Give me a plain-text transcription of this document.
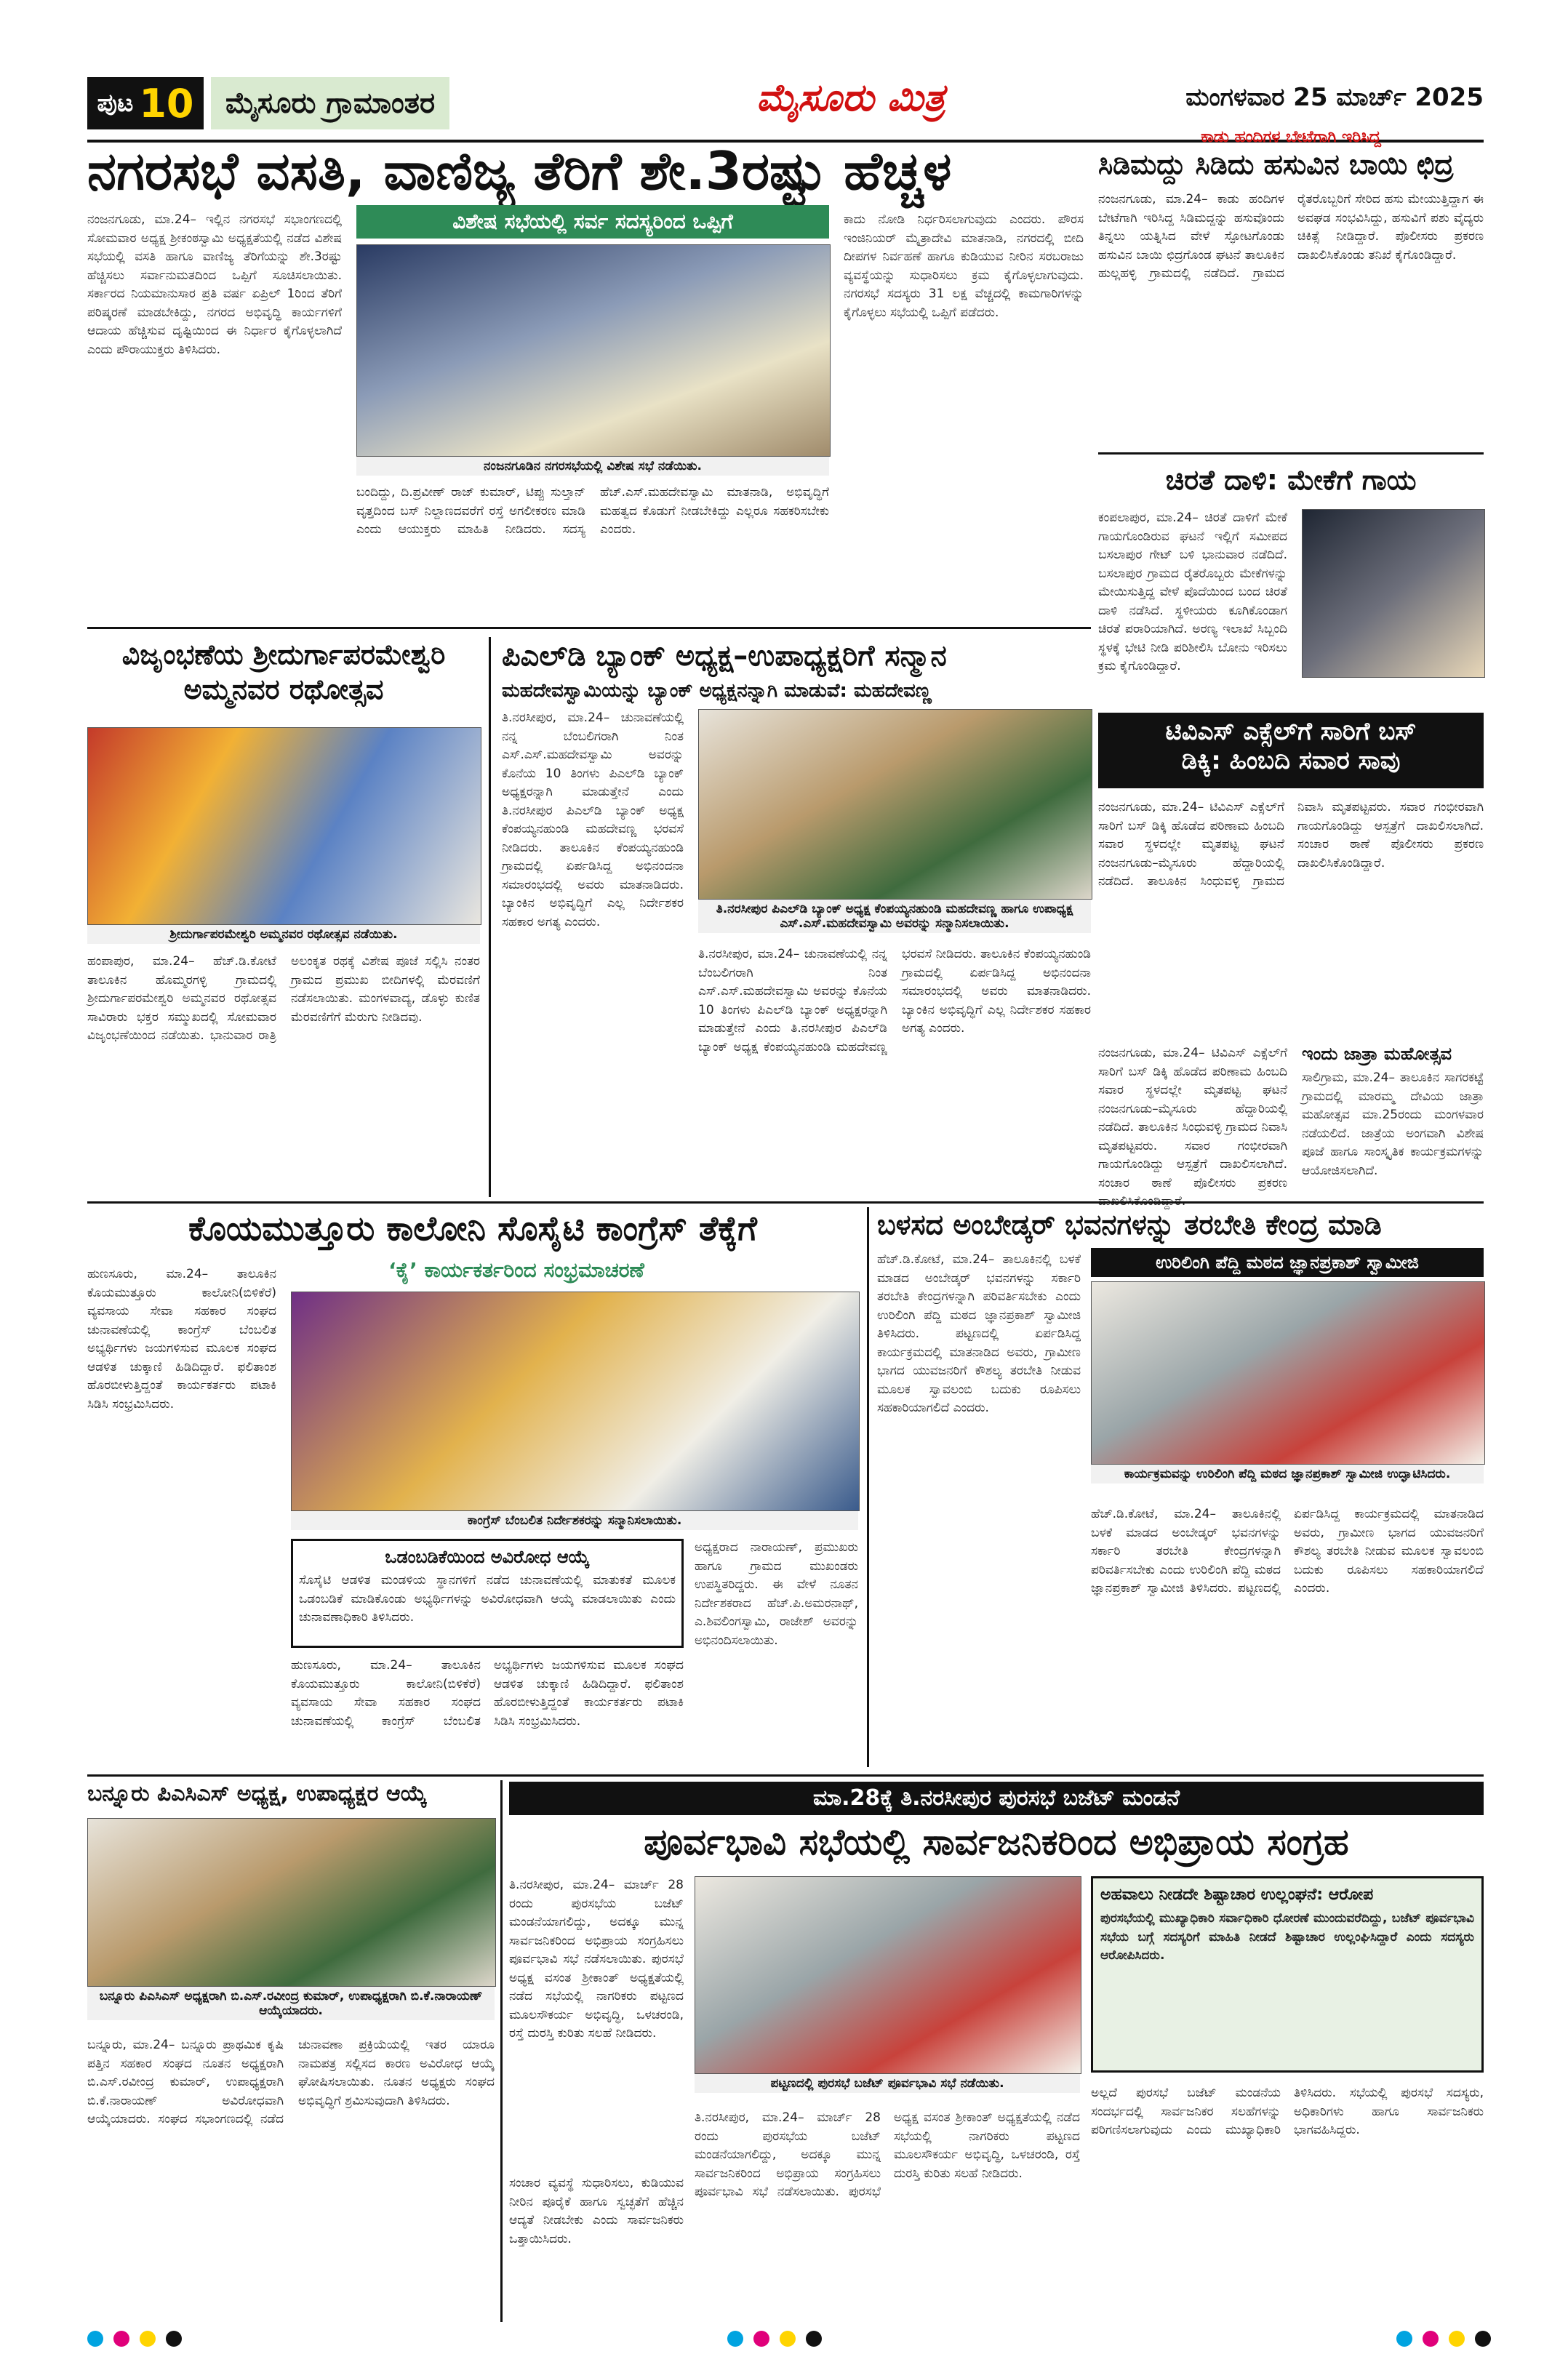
ಪುಟ 10	ಮೈಸೂರು ಗ್ರಾಮಾಂತರ	ಮೈಸೂರು ಮಿತ್ರ	ಮಂಗಳವಾರ 25 ಮಾರ್ಚ್ 2025
ನಗರಸಭೆ ವಸತಿ, ವಾಣಿಜ್ಯ ತೆರಿಗೆ ಶೇ.3ರಷ್ಟು ಹೆಚ್ಚಳ
ವಿಶೇಷ ಸಭೆಯಲ್ಲಿ ಸರ್ವ ಸದಸ್ಯರಿಂದ ಒಪ್ಪಿಗೆ
ನಂಜನಗೂಡು, ಮಾ.24– ಇಲ್ಲಿನ ನಗರಸಭೆ ಸಭಾಂಗಣದಲ್ಲಿ ಸೋಮವಾರ ಅಧ್ಯಕ್ಷ ಶ್ರೀಕಂಠಸ್ವಾಮಿ ಅಧ್ಯಕ್ಷತೆಯಲ್ಲಿ ನಡೆದ ವಿಶೇಷ ಸಭೆಯಲ್ಲಿ ವಸತಿ ಹಾಗೂ ವಾಣಿಜ್ಯ ತೆರಿಗೆಯನ್ನು ಶೇ.3ರಷ್ಟು ಹೆಚ್ಚಿಸಲು ಸರ್ವಾನುಮತದಿಂದ ಒಪ್ಪಿಗೆ ಸೂಚಿಸಲಾಯಿತು. ಸರ್ಕಾರದ ನಿಯಮಾನುಸಾರ ಪ್ರತಿ ವರ್ಷ ಏಪ್ರಿಲ್ 1ರಿಂದ ತೆರಿಗೆ ಪರಿಷ್ಕರಣೆ ಮಾಡಬೇಕಿದ್ದು, ನಗರದ ಅಭಿವೃದ್ಧಿ ಕಾರ್ಯಗಳಿಗೆ ಆದಾಯ ಹೆಚ್ಚಿಸುವ ದೃಷ್ಟಿಯಿಂದ ಈ ನಿರ್ಧಾರ ಕೈಗೊಳ್ಳಲಾಗಿದೆ ಎಂದು ಪೌರಾಯುಕ್ತರು ತಿಳಿಸಿದರು.
ನಂಜನಗೂಡಿನ ನಗರಸಭೆಯಲ್ಲಿ ವಿಶೇಷ ಸಭೆ ನಡೆಯಿತು.
ಬಂದಿದ್ದು, ದಿ.ಪ್ರವೀಣ್ ರಾಜ್ ಕುಮಾರ್, ಟಿಪ್ಪು ಸುಲ್ತಾನ್ ವೃತ್ತದಿಂದ ಬಸ್ ನಿಲ್ದಾಣದವರೆಗೆ ರಸ್ತೆ ಅಗಲೀಕರಣ ಮಾಡಿ ಎಂದು ಆಯುಕ್ತರು ಮಾಹಿತಿ ನೀಡಿದರು. ಸದಸ್ಯ ಹೆಚ್.ಎಸ್.ಮಹದೇವಸ್ವಾಮಿ ಮಾತನಾಡಿ, ಅಭಿವೃದ್ಧಿಗೆ ಮಹತ್ವದ ಕೊಡುಗೆ ನೀಡಬೇಕಿದ್ದು ಎಲ್ಲರೂ ಸಹಕರಿಸಬೇಕು ಎಂದರು.
ಕಾದು ನೋಡಿ ನಿರ್ಧರಿಸಲಾಗುವುದು ಎಂದರು. ಪೌರಸ ಇಂಜಿನಿಯರ್ ಮೈತ್ರಾದೇವಿ ಮಾತನಾಡಿ, ನಗರದಲ್ಲಿ ಬೀದಿ ದೀಪಗಳ ನಿರ್ವಹಣೆ ಹಾಗೂ ಕುಡಿಯುವ ನೀರಿನ ಸರಬರಾಜು ವ್ಯವಸ್ಥೆಯನ್ನು ಸುಧಾರಿಸಲು ಕ್ರಮ ಕೈಗೊಳ್ಳಲಾಗುವುದು. ನಗರಸಭೆ ಸದಸ್ಯರು 31 ಲಕ್ಷ ವೆಚ್ಚದಲ್ಲಿ ಕಾಮಗಾರಿಗಳನ್ನು ಕೈಗೊಳ್ಳಲು ಸಭೆಯಲ್ಲಿ ಒಪ್ಪಿಗೆ ಪಡೆದರು.
ಕಾಡು ಹಂದಿಗಳ ಬೇಟೆಗಾಗಿ ಇರಿಸಿದ್ದ
ಸಿಡಿಮದ್ದು ಸಿಡಿದು ಹಸುವಿನ ಬಾಯಿ ಛಿದ್ರ
ನಂಜನಗೂಡು, ಮಾ.24– ಕಾಡು ಹಂದಿಗಳ ಬೇಟೆಗಾಗಿ ಇರಿಸಿದ್ದ ಸಿಡಿಮದ್ದನ್ನು ಹಸುವೊಂದು ತಿನ್ನಲು ಯತ್ನಿಸಿದ ವೇಳೆ ಸ್ಫೋಟಗೊಂಡು ಹಸುವಿನ ಬಾಯಿ ಛಿದ್ರಗೊಂಡ ಘಟನೆ ತಾಲೂಕಿನ ಹುಲ್ಲಹಳ್ಳಿ ಗ್ರಾಮದಲ್ಲಿ ನಡೆದಿದೆ. ಗ್ರಾಮದ ರೈತರೊಬ್ಬರಿಗೆ ಸೇರಿದ ಹಸು ಮೇಯುತ್ತಿದ್ದಾಗ ಈ ಅವಘಡ ಸಂಭವಿಸಿದ್ದು, ಹಸುವಿಗೆ ಪಶು ವೈದ್ಯರು ಚಿಕಿತ್ಸೆ ನೀಡಿದ್ದಾರೆ. ಪೊಲೀಸರು ಪ್ರಕರಣ ದಾಖಲಿಸಿಕೊಂಡು ತನಿಖೆ ಕೈಗೊಂಡಿದ್ದಾರೆ.
ಚಿರತೆ ದಾಳಿ: ಮೇಕೆಗೆ ಗಾಯ
ಕಂಪಲಾಪುರ, ಮಾ.24– ಚಿರತೆ ದಾಳಿಗೆ ಮೇಕೆ ಗಾಯಗೊಂಡಿರುವ ಘಟನೆ ಇಲ್ಲಿಗೆ ಸಮೀಪದ ಬಸಲಾಪುರ ಗೇಟ್ ಬಳಿ ಭಾನುವಾರ ನಡೆದಿದೆ. ಬಸಲಾಪುರ ಗ್ರಾಮದ ರೈತರೊಬ್ಬರು ಮೇಕೆಗಳನ್ನು ಮೇಯಿಸುತ್ತಿದ್ದ ವೇಳೆ ಪೊದೆಯಿಂದ ಬಂದ ಚಿರತೆ ದಾಳಿ ನಡೆಸಿದೆ. ಸ್ಥಳೀಯರು ಕೂಗಿಕೊಂಡಾಗ ಚಿರತೆ ಪರಾರಿಯಾಗಿದೆ. ಅರಣ್ಯ ಇಲಾಖೆ ಸಿಬ್ಬಂದಿ ಸ್ಥಳಕ್ಕೆ ಭೇಟಿ ನೀಡಿ ಪರಿಶೀಲಿಸಿ ಬೋನು ಇರಿಸಲು ಕ್ರಮ ಕೈಗೊಂಡಿದ್ದಾರೆ.
ವಿಜೃಂಭಣೆಯ ಶ್ರೀದುರ್ಗಾಪರಮೇಶ್ವರಿ
ಅಮ್ಮನವರ ರಥೋತ್ಸವ
ಶ್ರೀದುರ್ಗಾಪರಮೇಶ್ವರಿ ಅಮ್ಮನವರ ರಥೋತ್ಸವ ನಡೆಯಿತು.
ಹಂಪಾಪುರ, ಮಾ.24– ಹೆಚ್.ಡಿ.ಕೋಟೆ ತಾಲೂಕಿನ ಹೊಮ್ಮರಗಳ್ಳಿ ಗ್ರಾಮದಲ್ಲಿ ಶ್ರೀದುರ್ಗಾಪರಮೇಶ್ವರಿ ಅಮ್ಮನವರ ರಥೋತ್ಸವ ಸಾವಿರಾರು ಭಕ್ತರ ಸಮ್ಮುಖದಲ್ಲಿ ಸೋಮವಾರ ವಿಜೃಂಭಣೆಯಿಂದ ನಡೆಯಿತು. ಭಾನುವಾರ ರಾತ್ರಿ ಅಲಂಕೃತ ರಥಕ್ಕೆ ವಿಶೇಷ ಪೂಜೆ ಸಲ್ಲಿಸಿ ನಂತರ ಗ್ರಾಮದ ಪ್ರಮುಖ ಬೀದಿಗಳಲ್ಲಿ ಮೆರವಣಿಗೆ ನಡೆಸಲಾಯಿತು. ಮಂಗಳವಾದ್ಯ, ಡೊಳ್ಳು ಕುಣಿತ ಮೆರವಣಿಗೆಗೆ ಮೆರುಗು ನೀಡಿದವು.
ಪಿಎಲ್‌ಡಿ ಬ್ಯಾಂಕ್ ಅಧ್ಯಕ್ಷ–ಉಪಾಧ್ಯಕ್ಷರಿಗೆ ಸನ್ಮಾನ
ಮಹದೇವಸ್ವಾಮಿಯನ್ನು ಬ್ಯಾಂಕ್ ಅಧ್ಯಕ್ಷನನ್ನಾಗಿ ಮಾಡುವೆ: ಮಹದೇವಣ್ಣ
ತಿ.ನರಸೀಪುರ, ಮಾ.24– ಚುನಾವಣೆಯಲ್ಲಿ ನನ್ನ ಬೆಂಬಲಿಗರಾಗಿ ನಿಂತ ಎಸ್.ಎಸ್.ಮಹದೇವಸ್ವಾಮಿ ಅವರನ್ನು ಕೊನೆಯ 10 ತಿಂಗಳು ಪಿಎಲ್‌ಡಿ ಬ್ಯಾಂಕ್ ಅಧ್ಯಕ್ಷರನ್ನಾಗಿ ಮಾಡುತ್ತೇನೆ ಎಂದು ತಿ.ನರಸೀಪುರ ಪಿಎಲ್‌ಡಿ ಬ್ಯಾಂಕ್ ಅಧ್ಯಕ್ಷ ಕೆಂಪಯ್ಯನಹುಂಡಿ ಮಹದೇವಣ್ಣ ಭರವಸೆ ನೀಡಿದರು. ತಾಲೂಕಿನ ಕೆಂಪಯ್ಯನಹುಂಡಿ ಗ್ರಾಮದಲ್ಲಿ ಏರ್ಪಡಿಸಿದ್ದ ಅಭಿನಂದನಾ ಸಮಾರಂಭದಲ್ಲಿ ಅವರು ಮಾತನಾಡಿದರು. ಬ್ಯಾಂಕಿನ ಅಭಿವೃದ್ಧಿಗೆ ಎಲ್ಲ ನಿರ್ದೇಶಕರ ಸಹಕಾರ ಅಗತ್ಯ ಎಂದರು.
ತಿ.ನರಸೀಪುರ ಪಿಎಲ್‌ಡಿ ಬ್ಯಾಂಕ್ ಅಧ್ಯಕ್ಷ ಕೆಂಪಯ್ಯನಹುಂಡಿ ಮಹದೇವಣ್ಣ ಹಾಗೂ ಉಪಾಧ್ಯಕ್ಷ ಎಸ್.ಎಸ್.ಮಹದೇವಸ್ವಾಮಿ ಅವರನ್ನು ಸನ್ಮಾನಿಸಲಾಯಿತು.
ತಿ.ನರಸೀಪುರ, ಮಾ.24– ಚುನಾವಣೆಯಲ್ಲಿ ನನ್ನ ಬೆಂಬಲಿಗರಾಗಿ ನಿಂತ ಎಸ್.ಎಸ್.ಮಹದೇವಸ್ವಾಮಿ ಅವರನ್ನು ಕೊನೆಯ 10 ತಿಂಗಳು ಪಿಎಲ್‌ಡಿ ಬ್ಯಾಂಕ್ ಅಧ್ಯಕ್ಷರನ್ನಾಗಿ ಮಾಡುತ್ತೇನೆ ಎಂದು ತಿ.ನರಸೀಪುರ ಪಿಎಲ್‌ಡಿ ಬ್ಯಾಂಕ್ ಅಧ್ಯಕ್ಷ ಕೆಂಪಯ್ಯನಹುಂಡಿ ಮಹದೇವಣ್ಣ ಭರವಸೆ ನೀಡಿದರು. ತಾಲೂಕಿನ ಕೆಂಪಯ್ಯನಹುಂಡಿ ಗ್ರಾಮದಲ್ಲಿ ಏರ್ಪಡಿಸಿದ್ದ ಅಭಿನಂದನಾ ಸಮಾರಂಭದಲ್ಲಿ ಅವರು ಮಾತನಾಡಿದರು. ಬ್ಯಾಂಕಿನ ಅಭಿವೃದ್ಧಿಗೆ ಎಲ್ಲ ನಿರ್ದೇಶಕರ ಸಹಕಾರ ಅಗತ್ಯ ಎಂದರು.
ಟಿವಿಎಸ್ ಎಕ್ಸೆಲ್‌ಗೆ ಸಾರಿಗೆ ಬಸ್
ಡಿಕ್ಕಿ: ಹಿಂಬದಿ ಸವಾರ ಸಾವು
ನಂಜನಗೂಡು, ಮಾ.24– ಟಿವಿಎಸ್ ಎಕ್ಸೆಲ್‌ಗೆ ಸಾರಿಗೆ ಬಸ್ ಡಿಕ್ಕಿ ಹೊಡೆದ ಪರಿಣಾಮ ಹಿಂಬದಿ ಸವಾರ ಸ್ಥಳದಲ್ಲೇ ಮೃತಪಟ್ಟ ಘಟನೆ ನಂಜನಗೂಡು–ಮೈಸೂರು ಹೆದ್ದಾರಿಯಲ್ಲಿ ನಡೆದಿದೆ. ತಾಲೂಕಿನ ಸಿಂಧುವಳ್ಳಿ ಗ್ರಾಮದ ನಿವಾಸಿ ಮೃತಪಟ್ಟವರು. ಸವಾರ ಗಂಭೀರವಾಗಿ ಗಾಯಗೊಂಡಿದ್ದು ಆಸ್ಪತ್ರೆಗೆ ದಾಖಲಿಸಲಾಗಿದೆ. ಸಂಚಾರ ಠಾಣೆ ಪೊಲೀಸರು ಪ್ರಕರಣ ದಾಖಲಿಸಿಕೊಂಡಿದ್ದಾರೆ.
ಇಂದು ಜಾತ್ರಾ ಮಹೋತ್ಸವ
ಸಾಲಿಗ್ರಾಮ, ಮಾ.24– ತಾಲೂಕಿನ ಸಾಗರಕಟ್ಟೆ ಗ್ರಾಮದಲ್ಲಿ ಮಾರಮ್ಮ ದೇವಿಯ ಜಾತ್ರಾ ಮಹೋತ್ಸವ ಮಾ.25ರಂದು ಮಂಗಳವಾರ ನಡೆಯಲಿದೆ. ಜಾತ್ರೆಯ ಅಂಗವಾಗಿ ವಿಶೇಷ ಪೂಜೆ ಹಾಗೂ ಸಾಂಸ್ಕೃತಿಕ ಕಾರ್ಯಕ್ರಮಗಳನ್ನು ಆಯೋಜಿಸಲಾಗಿದೆ.
ನಂಜನಗೂಡು, ಮಾ.24– ಟಿವಿಎಸ್ ಎಕ್ಸೆಲ್‌ಗೆ ಸಾರಿಗೆ ಬಸ್ ಡಿಕ್ಕಿ ಹೊಡೆದ ಪರಿಣಾಮ ಹಿಂಬದಿ ಸವಾರ ಸ್ಥಳದಲ್ಲೇ ಮೃತಪಟ್ಟ ಘಟನೆ ನಂಜನಗೂಡು–ಮೈಸೂರು ಹೆದ್ದಾರಿಯಲ್ಲಿ ನಡೆದಿದೆ. ತಾಲೂಕಿನ ಸಿಂಧುವಳ್ಳಿ ಗ್ರಾಮದ ನಿವಾಸಿ ಮೃತಪಟ್ಟವರು. ಸವಾರ ಗಂಭೀರವಾಗಿ ಗಾಯಗೊಂಡಿದ್ದು ಆಸ್ಪತ್ರೆಗೆ ದಾಖಲಿಸಲಾಗಿದೆ. ಸಂಚಾರ ಠಾಣೆ ಪೊಲೀಸರು ಪ್ರಕರಣ
ಕೊಯಮುತ್ತೂರು ಕಾಲೋನಿ ಸೊಸೈಟಿ ಕಾಂಗ್ರೆಸ್ ತೆಕ್ಕೆಗೆ
‘ಕೈ’ ಕಾರ್ಯಕರ್ತರಿಂದ ಸಂಭ್ರಮಾಚರಣೆ
ಹುಣಸೂರು, ಮಾ.24– ತಾಲೂಕಿನ ಕೊಯಮುತ್ತೂರು ಕಾಲೋನಿ(ಬಿಳಿಕೆರೆ) ವ್ಯವಸಾಯ ಸೇವಾ ಸಹಕಾರ ಸಂಘದ ಚುನಾವಣೆಯಲ್ಲಿ ಕಾಂಗ್ರೆಸ್ ಬೆಂಬಲಿತ ಅಭ್ಯರ್ಥಿಗಳು ಜಯಗಳಿಸುವ ಮೂಲಕ ಸಂಘದ ಆಡಳಿತ ಚುಕ್ಕಾಣಿ ಹಿಡಿದಿದ್ದಾರೆ. ಫಲಿತಾಂಶ ಹೊರಬೀಳುತ್ತಿದ್ದಂತೆ ಕಾರ್ಯಕರ್ತರು ಪಟಾಕಿ ಸಿಡಿಸಿ ಸಂಭ್ರಮಿಸಿದರು.
ಕಾಂಗ್ರೆಸ್ ಬೆಂಬಲಿತ ನಿರ್ದೇಶಕರನ್ನು ಸನ್ಮಾನಿಸಲಾಯಿತು.
ಒಡಂಬಡಿಕೆಯಿಂದ ಅವಿರೋಧ ಆಯ್ಕೆ
ಸೊಸೈಟಿ ಆಡಳಿತ ಮಂಡಳಿಯ ಸ್ಥಾನಗಳಿಗೆ ನಡೆದ ಚುನಾವಣೆಯಲ್ಲಿ ಮಾತುಕತೆ ಮೂಲಕ ಒಡಂಬಡಿಕೆ ಮಾಡಿಕೊಂಡು ಅಭ್ಯರ್ಥಿಗಳನ್ನು ಅವಿರೋಧವಾಗಿ ಆಯ್ಕೆ ಮಾಡಲಾಯಿತು ಎಂದು ಚುನಾವಣಾಧಿಕಾರಿ ತಿಳಿಸಿದರು.
ಹುಣಸೂರು, ಮಾ.24– ತಾಲೂಕಿನ ಕೊಯಮುತ್ತೂರು ಕಾಲೋನಿ(ಬಿಳಿಕೆರೆ) ವ್ಯವಸಾಯ ಸೇವಾ ಸಹಕಾರ ಸಂಘದ ಚುನಾವಣೆಯಲ್ಲಿ ಕಾಂಗ್ರೆಸ್ ಬೆಂಬಲಿತ ಅಭ್ಯರ್ಥಿಗಳು ಜಯಗಳಿಸುವ ಮೂಲಕ ಸಂಘದ ಆಡಳಿತ ಚುಕ್ಕಾಣಿ ಹಿಡಿದಿದ್ದಾರೆ. ಫಲಿತಾಂಶ ಹೊರಬೀಳುತ್ತಿದ್ದಂತೆ ಕಾರ್ಯಕರ್ತರು ಪಟಾಕಿ ಸಿಡಿಸಿ ಸಂಭ್ರಮಿಸಿದರು.
ಅಧ್ಯಕ್ಷರಾದ ನಾರಾಯಣ್, ಪ್ರಮುಖರು ಹಾಗೂ ಗ್ರಾಮದ ಮುಖಂಡರು ಉಪಸ್ಥಿತರಿದ್ದರು. ಈ ವೇಳೆ ನೂತನ ನಿರ್ದೇಶಕರಾದ ಹೆಚ್.ಪಿ.ಅಮರನಾಥ್, ಎ.ಶಿವಲಿಂಗಸ್ವಾಮಿ, ರಾಜೇಶ್ ಅವರನ್ನು ಅಭಿನಂದಿಸಲಾಯಿತು.
ಬಳಸದ ಅಂಬೇಡ್ಕರ್ ಭವನಗಳನ್ನು ತರಬೇತಿ ಕೇಂದ್ರ ಮಾಡಿ
ಉರಿಲಿಂಗಿ ಪೆದ್ದಿ ಮಠದ ಜ್ಞಾನಪ್ರಕಾಶ್ ಸ್ವಾಮೀಜಿ
ಹೆಚ್.ಡಿ.ಕೋಟೆ, ಮಾ.24– ತಾಲೂಕಿನಲ್ಲಿ ಬಳಕೆ ಮಾಡದ ಅಂಬೇಡ್ಕರ್ ಭವನಗಳನ್ನು ಸರ್ಕಾರಿ ತರಬೇತಿ ಕೇಂದ್ರಗಳನ್ನಾಗಿ ಪರಿವರ್ತಿಸಬೇಕು ಎಂದು ಉರಿಲಿಂಗಿ ಪೆದ್ದಿ ಮಠದ ಜ್ಞಾನಪ್ರಕಾಶ್ ಸ್ವಾಮೀಜಿ ತಿಳಿಸಿದರು. ಪಟ್ಟಣದಲ್ಲಿ ಏರ್ಪಡಿಸಿದ್ದ ಕಾರ್ಯಕ್ರಮದಲ್ಲಿ ಮಾತನಾಡಿದ ಅವರು, ಗ್ರಾಮೀಣ ಭಾಗದ ಯುವಜನರಿಗೆ ಕೌಶಲ್ಯ ತರಬೇತಿ ನೀಡುವ ಮೂಲಕ ಸ್ವಾವಲಂಬಿ ಬದುಕು ರೂಪಿಸಲು ಸಹಕಾರಿಯಾಗಲಿದೆ ಎಂದರು.
ಕಾರ್ಯಕ್ರಮವನ್ನು ಉರಿಲಿಂಗಿ ಪೆದ್ದಿ ಮಠದ ಜ್ಞಾನಪ್ರಕಾಶ್ ಸ್ವಾಮೀಜಿ ಉದ್ಘಾಟಿಸಿದರು.
ಹೆಚ್.ಡಿ.ಕೋಟೆ, ಮಾ.24– ತಾಲೂಕಿನಲ್ಲಿ ಬಳಕೆ ಮಾಡದ ಅಂಬೇಡ್ಕರ್ ಭವನಗಳನ್ನು ಸರ್ಕಾರಿ ತರಬೇತಿ ಕೇಂದ್ರಗಳನ್ನಾಗಿ ಪರಿವರ್ತಿಸಬೇಕು ಎಂದು ಉರಿಲಿಂಗಿ ಪೆದ್ದಿ ಮಠದ ಜ್ಞಾನಪ್ರಕಾಶ್ ಸ್ವಾಮೀಜಿ ತಿಳಿಸಿದರು. ಪಟ್ಟಣದಲ್ಲಿ ಏರ್ಪಡಿಸಿದ್ದ ಕಾರ್ಯಕ್ರಮದಲ್ಲಿ ಮಾತನಾಡಿದ ಅವರು, ಗ್ರಾಮೀಣ ಭಾಗದ ಯುವಜನರಿಗೆ ಕೌಶಲ್ಯ ತರಬೇತಿ ನೀಡುವ ಮೂಲಕ ಸ್ವಾವಲಂಬಿ ಬದುಕು ರೂಪಿಸಲು ಸಹಕಾರಿಯಾಗಲಿದೆ ಎಂದರು.
ಬನ್ನೂರು ಪಿಎಸಿಎಸ್ ಅಧ್ಯಕ್ಷ, ಉಪಾಧ್ಯಕ್ಷರ ಆಯ್ಕೆ
ಬನ್ನೂರು ಪಿಎಸಿಎಸ್ ಅಧ್ಯಕ್ಷರಾಗಿ ಬಿ.ಎಸ್.ರವೀಂದ್ರ ಕುಮಾರ್, ಉಪಾಧ್ಯಕ್ಷರಾಗಿ ಬಿ.ಕೆ.ನಾರಾಯಣ್ ಆಯ್ಕೆಯಾದರು.
ಬನ್ನೂರು, ಮಾ.24– ಬನ್ನೂರು ಪ್ರಾಥಮಿಕ ಕೃಷಿ ಪತ್ತಿನ ಸಹಕಾರ ಸಂಘದ ನೂತನ ಅಧ್ಯಕ್ಷರಾಗಿ ಬಿ.ಎಸ್.ರವೀಂದ್ರ ಕುಮಾರ್, ಉಪಾಧ್ಯಕ್ಷರಾಗಿ ಬಿ.ಕೆ.ನಾರಾಯಣ್ ಅವಿರೋಧವಾಗಿ ಆಯ್ಕೆಯಾದರು. ಸಂಘದ ಸಭಾಂಗಣದಲ್ಲಿ ನಡೆದ ಚುನಾವಣಾ ಪ್ರಕ್ರಿಯೆಯಲ್ಲಿ ಇತರ ಯಾರೂ ನಾಮಪತ್ರ ಸಲ್ಲಿಸದ ಕಾರಣ ಅವಿರೋಧ ಆಯ್ಕೆ ಘೋಷಿಸಲಾಯಿತು. ನೂತನ ಅಧ್ಯಕ್ಷರು ಸಂಘದ ಅಭಿವೃದ್ಧಿಗೆ ಶ್ರಮಿಸುವುದಾಗಿ ತಿಳಿಸಿದರು.
ಮಾ.28ಕ್ಕೆ ತಿ.ನರಸೀಪುರ ಪುರಸಭೆ ಬಜೆಟ್ ಮಂಡನೆ
ಪೂರ್ವಭಾವಿ ಸಭೆಯಲ್ಲಿ ಸಾರ್ವಜನಿಕರಿಂದ ಅಭಿಪ್ರಾಯ ಸಂಗ್ರಹ
ತಿ.ನರಸೀಪುರ, ಮಾ.24– ಮಾರ್ಚ್ 28 ರಂದು ಪುರಸಭೆಯ ಬಜೆಟ್ ಮಂಡನೆಯಾಗಲಿದ್ದು, ಅದಕ್ಕೂ ಮುನ್ನ ಸಾರ್ವಜನಿಕರಿಂದ ಅಭಿಪ್ರಾಯ ಸಂಗ್ರಹಿಸಲು ಪೂರ್ವಭಾವಿ ಸಭೆ ನಡೆಸಲಾಯಿತು. ಪುರಸಭೆ ಅಧ್ಯಕ್ಷ ವಸಂತ ಶ್ರೀಕಾಂತ್ ಅಧ್ಯಕ್ಷತೆಯಲ್ಲಿ ನಡೆದ ಸಭೆಯಲ್ಲಿ ನಾಗರಿಕರು ಪಟ್ಟಣದ ಮೂಲಸೌಕರ್ಯ ಅಭಿವೃದ್ಧಿ, ಒಳಚರಂಡಿ, ರಸ್ತೆ ದುರಸ್ತಿ ಕುರಿತು ಸಲಹೆ ನೀಡಿದರು.
ಪಟ್ಟಣದಲ್ಲಿ ಪುರಸಭೆ ಬಜೆಟ್ ಪೂರ್ವಭಾವಿ ಸಭೆ ನಡೆಯಿತು.
ಅಹವಾಲು ನೀಡದೇ ಶಿಷ್ಟಾಚಾರ ಉಲ್ಲಂಘನೆ: ಆರೋಪ
ಪುರಸಭೆಯಲ್ಲಿ ಮುಖ್ಯಾಧಿಕಾರಿ ಸರ್ವಾಧಿಕಾರಿ ಧೋರಣೆ ಮುಂದುವರೆದಿದ್ದು, ಬಜೆಟ್ ಪೂರ್ವಭಾವಿ ಸಭೆಯ ಬಗ್ಗೆ ಸದಸ್ಯರಿಗೆ ಮಾಹಿತಿ ನೀಡದೆ ಶಿಷ್ಟಾಚಾರ ಉಲ್ಲಂಘಿಸಿದ್ದಾರೆ ಎಂದು ಸದಸ್ಯರು ಆರೋಪಿಸಿದರು.
ಸಂಚಾರ ವ್ಯವಸ್ಥೆ ಸುಧಾರಿಸಲು, ಕುಡಿಯುವ ನೀರಿನ ಪೂರೈಕೆ ಹಾಗೂ ಸ್ವಚ್ಛತೆಗೆ ಹೆಚ್ಚಿನ ಆದ್ಯತೆ ನೀಡಬೇಕು ಎಂದು ಸಾರ್ವಜನಿಕರು ಒತ್ತಾಯಿಸಿದರು.
ತಿ.ನರಸೀಪುರ, ಮಾ.24– ಮಾರ್ಚ್ 28 ರಂದು ಪುರಸಭೆಯ ಬಜೆಟ್ ಮಂಡನೆಯಾಗಲಿದ್ದು, ಅದಕ್ಕೂ ಮುನ್ನ ಸಾರ್ವಜನಿಕರಿಂದ ಅಭಿಪ್ರಾಯ ಸಂಗ್ರಹಿಸಲು ಪೂರ್ವಭಾವಿ ಸಭೆ ನಡೆಸಲಾಯಿತು. ಪುರಸಭೆ ಅಧ್ಯಕ್ಷ ವಸಂತ ಶ್ರೀಕಾಂತ್ ಅಧ್ಯಕ್ಷತೆಯಲ್ಲಿ ನಡೆದ ಸಭೆಯಲ್ಲಿ ನಾಗರಿಕರು ಪಟ್ಟಣದ ಮೂಲಸೌಕರ್ಯ ಅಭಿವೃದ್ಧಿ, ಒಳಚರಂಡಿ, ರಸ್ತೆ ದುರಸ್ತಿ ಕುರಿತು ಸಲಹೆ ನೀಡಿದರು.
ಅಲ್ಲದೆ ಪುರಸಭೆ ಬಜೆಟ್ ಮಂಡನೆಯ ಸಂದರ್ಭದಲ್ಲಿ ಸಾರ್ವಜನಿಕರ ಸಲಹೆಗಳನ್ನು ಪರಿಗಣಿಸಲಾಗುವುದು ಎಂದು ಮುಖ್ಯಾಧಿಕಾರಿ ತಿಳಿಸಿದರು. ಸಭೆಯಲ್ಲಿ ಪುರಸಭೆ ಸದಸ್ಯರು, ಅಧಿಕಾರಿಗಳು ಹಾಗೂ ಸಾರ್ವಜನಿಕರು ಭಾಗವಹಿಸಿದ್ದರು.
